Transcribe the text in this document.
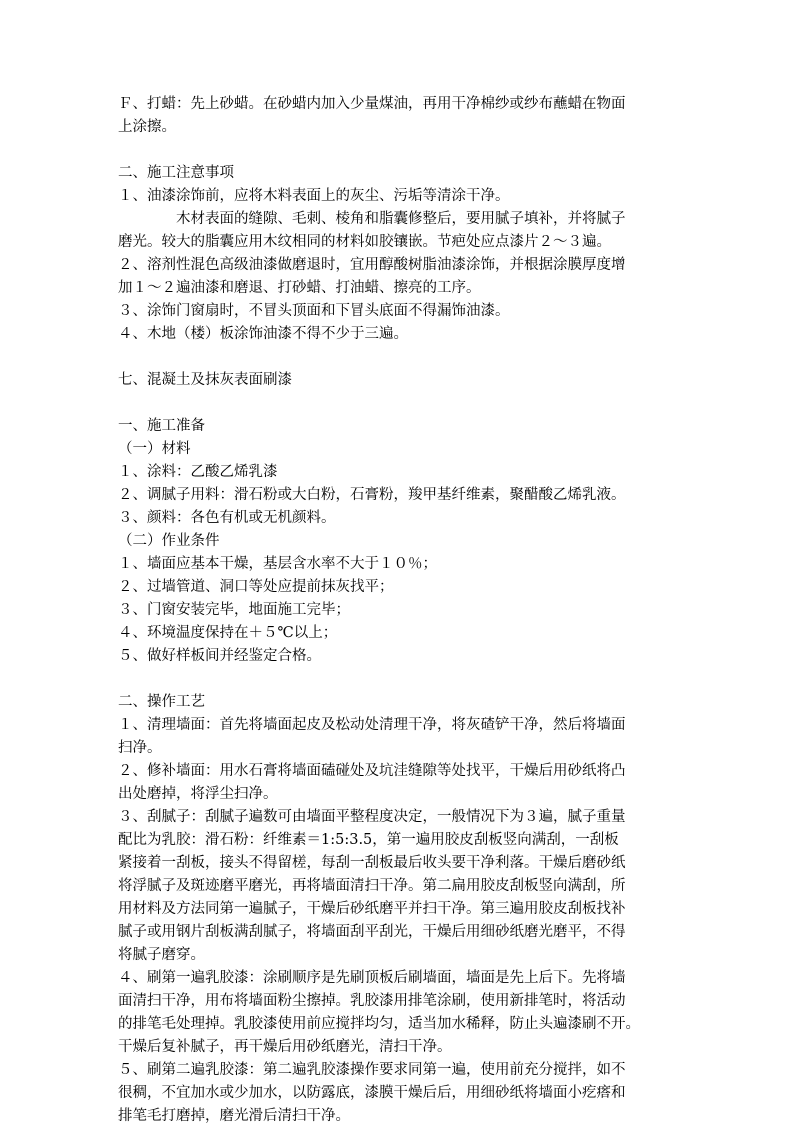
Ｆ、打蜡：先上砂蜡。在砂蜡内加入少量煤油，再用干净棉纱或纱布蘸蜡在物面
上涂擦。
二、施工注意事项
１、油漆涂饰前，应将木料表面上的灰尘、污垢等清涂干净。
木材表面的缝隙、毛刺、棱角和脂囊修整后，要用腻子填补，并将腻子
磨光。较大的脂囊应用木纹相同的材料如胶镶嵌。节疤处应点漆片２～３遍。
２、溶剂性混色高级油漆做磨退时，宜用醇酸树脂油漆涂饰，并根据涂膜厚度增
加１～２遍油漆和磨退、打砂蜡、打油蜡、擦亮的工序。
３、涂饰门窗扇时，不冒头顶面和下冒头底面不得漏饰油漆。
４、木地（楼）板涂饰油漆不得不少于三遍。
七、混凝土及抹灰表面刷漆
一、施工准备
（一）材料
１、涂料：乙酸乙烯乳漆
２、调腻子用料：滑石粉或大白粉，石膏粉，羧甲基纤维素，聚醋酸乙烯乳液。
３、颜料：各色有机或无机颜料。
（二）作业条件
１、墙面应基本干燥，基层含水率不大于１０％；
２、过墙管道、洞口等处应提前抹灰找平；
３、门窗安装完毕，地面施工完毕；
４、环境温度保持在＋５℃以上；
５、做好样板间并经鉴定合格。
二、操作工艺
１、清理墙面：首先将墙面起皮及松动处清理干净，将灰碴铲干净，然后将墙面
扫净。
２、修补墙面：用水石膏将墙面磕碰处及坑洼缝隙等处找平，干燥后用砂纸将凸
出处磨掉，将浮尘扫净。
３、刮腻子：刮腻子遍数可由墙面平整程度决定，一般情况下为３遍，腻子重量
配比为乳胶：滑石粉：纤维素＝1:5:3.5，第一遍用胶皮刮板竖向满刮，一刮板
紧接着一刮板，接头不得留槎，每刮一刮板最后收头要干净利落。干燥后磨砂纸
将浮腻子及斑迹磨平磨光，再将墙面清扫干净。第二扁用胶皮刮板竖向满刮，所
用材料及方法同第一遍腻子，干燥后砂纸磨平并扫干净。第三遍用胶皮刮板找补
腻子或用钢片刮板满刮腻子，将墙面刮平刮光，干燥后用细砂纸磨光磨平，不得
将腻子磨穿。
４、刷第一遍乳胶漆：涂刷顺序是先刷顶板后刷墙面，墙面是先上后下。先将墙
面清扫干净，用布将墙面粉尘擦掉。乳胶漆用排笔涂刷，使用新排笔时，将活动
的排笔毛处理掉。乳胶漆使用前应搅拌均匀，适当加水稀释，防止头遍漆刷不开。
干燥后复补腻子，再干燥后用砂纸磨光，清扫干净。
５、刷第二遍乳胶漆：第二遍乳胶漆操作要求同第一遍，使用前充分搅拌，如不
很稠，不宜加水或少加水，以防露底，漆膜干燥后后，用细砂纸将墙面小疙瘩和
排笔毛打磨掉，磨光滑后清扫干净。
